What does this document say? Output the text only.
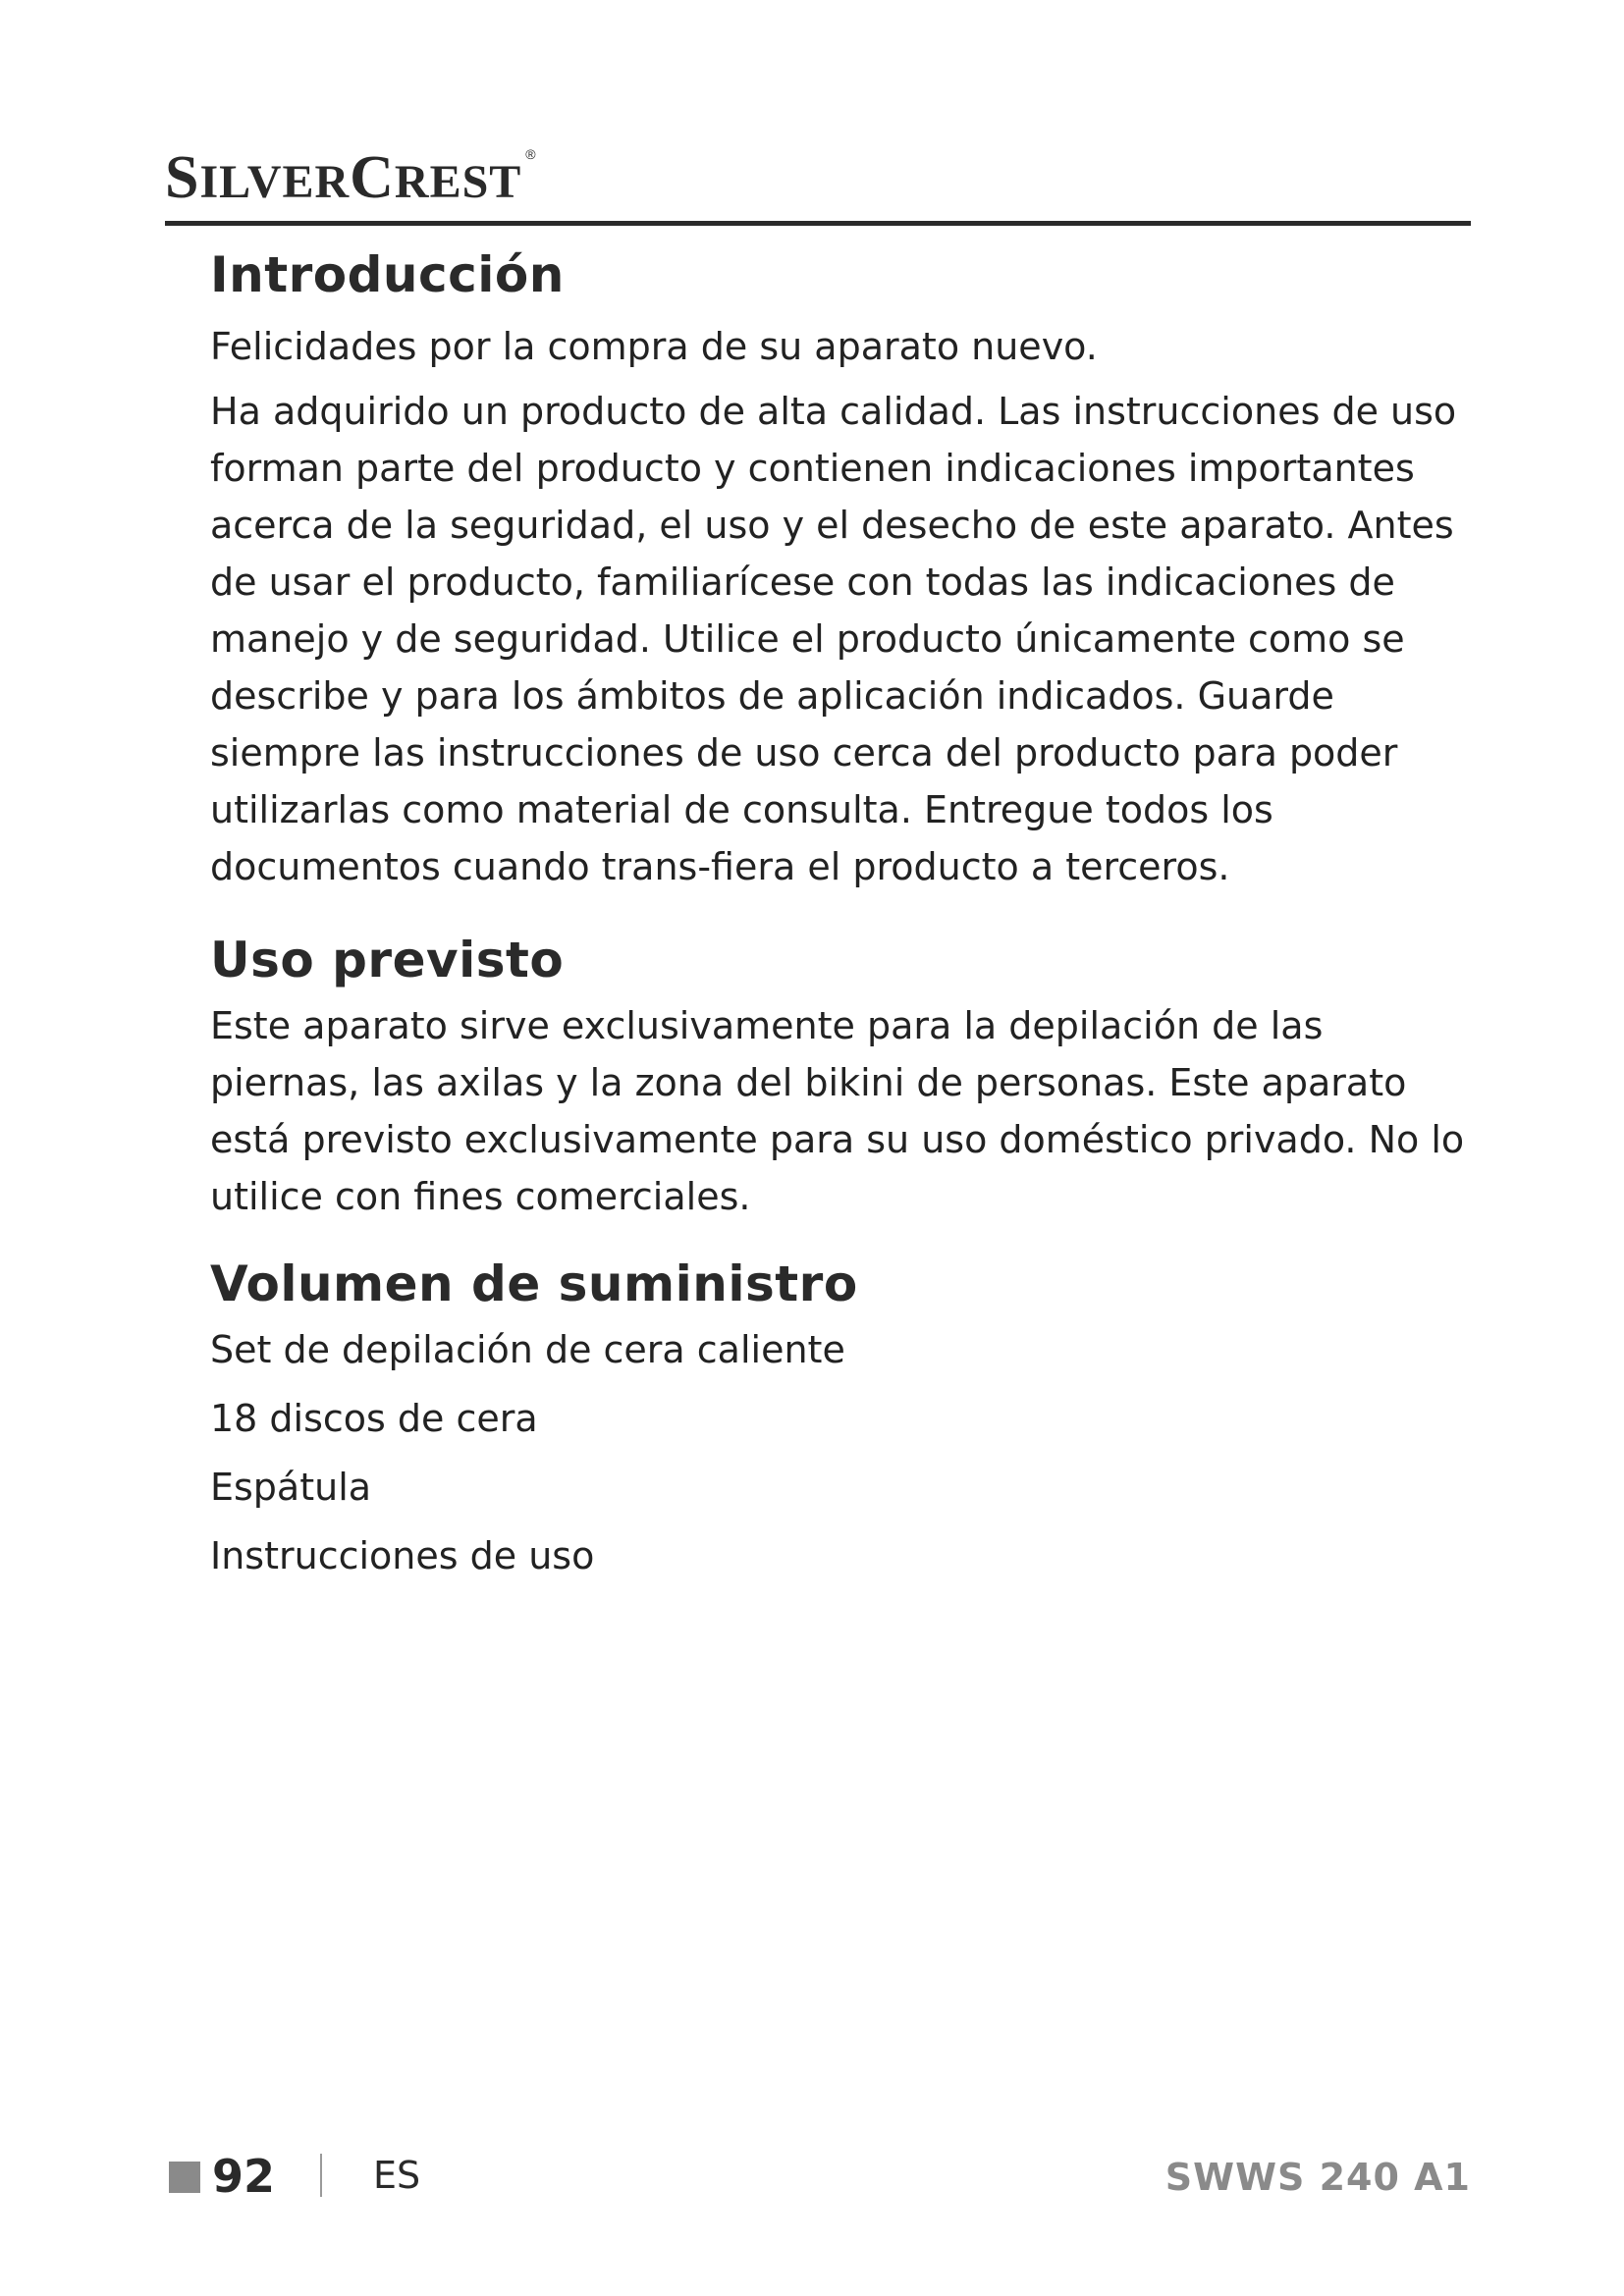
SILVERCREST®
Introducción

Felicidades por la compra de su aparato nuevo.

Ha adquirido un producto de alta calidad. Las instrucciones de uso forman parte del producto y contienen indicaciones importantes acerca de la seguridad, el uso y el desecho de este aparato. Antes de usar el producto, familiarícese con todas las indicaciones de manejo y de seguridad. Utilice el producto únicamente como se describe y para los ámbitos de aplicación indicados. Guarde siempre las instrucciones de uso cerca del producto para poder utilizarlas como material de consulta. Entregue todos los documentos cuando trans-fiera el producto a terceros.

Uso previsto

Este aparato sirve exclusivamente para la depilación de las piernas, las axilas y la zona del bikini de personas. Este aparato está previsto exclusivamente para su uso doméstico privado. No lo utilice con fines comerciales.

Volumen de suministro

Set de depilación de cera caliente

18 discos de cera

Espátula

Instrucciones de uso

92	ES	SWWS 240 A1
